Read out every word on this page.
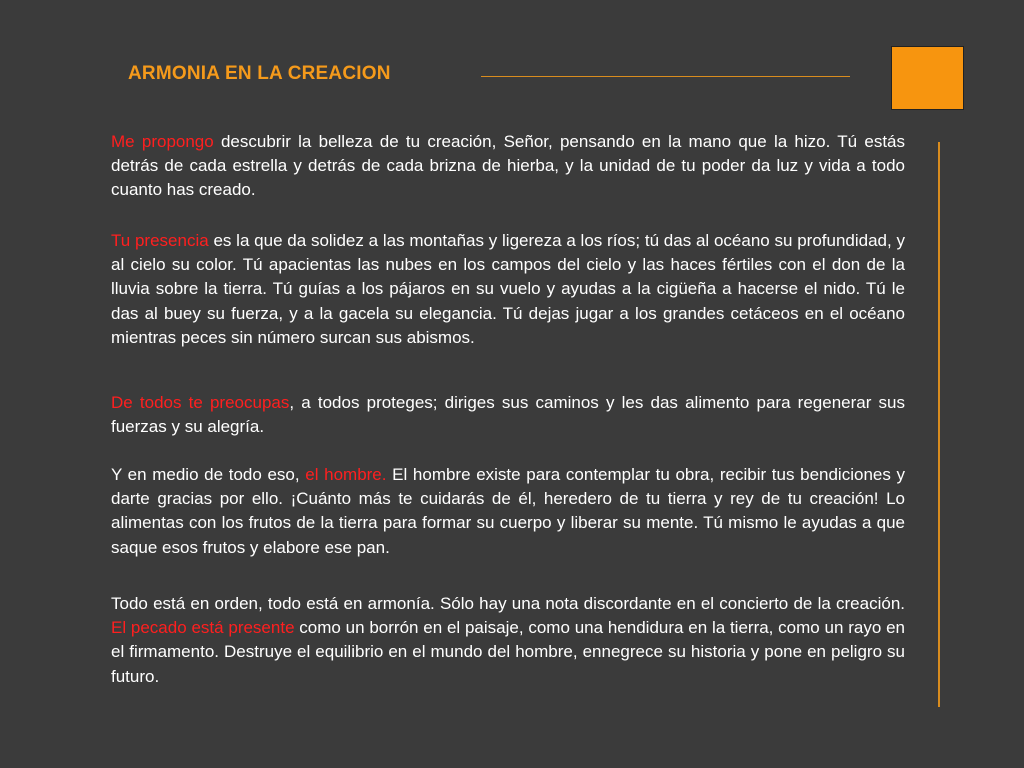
ARMONIA EN LA CREACION

Me propongo descubrir la belleza de tu creación, Señor, pensando en la mano que la hizo. Tú estás detrás de cada estrella y detrás de cada brizna de hierba, y la unidad de tu poder da luz y vida a todo cuanto has creado.

Tu presencia es la que da solidez a las montañas y ligereza a los ríos; tú das al océano su profundidad, y al cielo su color. Tú apacientas las nubes en los campos del cielo y las haces fértiles con el don de la lluvia sobre la tierra. Tú guías a los pájaros en su vuelo y ayudas a la cigüeña a hacerse el nido. Tú le das al buey su fuerza, y a la gacela su elegancia. Tú dejas jugar a los grandes cetáceos en el océano mientras peces sin número surcan sus abismos.

De todos te preocupas, a todos proteges; diriges sus caminos y les das alimento para regenerar sus fuerzas y su alegría.

Y en medio de todo eso, el hombre. El hombre existe para contemplar tu obra, recibir tus bendiciones y darte gracias por ello. ¡Cuánto más te cuidarás de él, heredero de tu tierra y rey de tu creación! Lo alimentas con los frutos de la tierra para formar su cuerpo y liberar su mente. Tú mismo le ayudas a que saque esos frutos y elabore ese pan.

Todo está en orden, todo está en armonía. Sólo hay una nota discordante en el concierto de la creación. El pecado está presente como un borrón en el paisaje, como una hendidura en la tierra, como un rayo en el firmamento. Destruye el equilibrio en el mundo del hombre, ennegrece su historia y pone en peligro su futuro.
